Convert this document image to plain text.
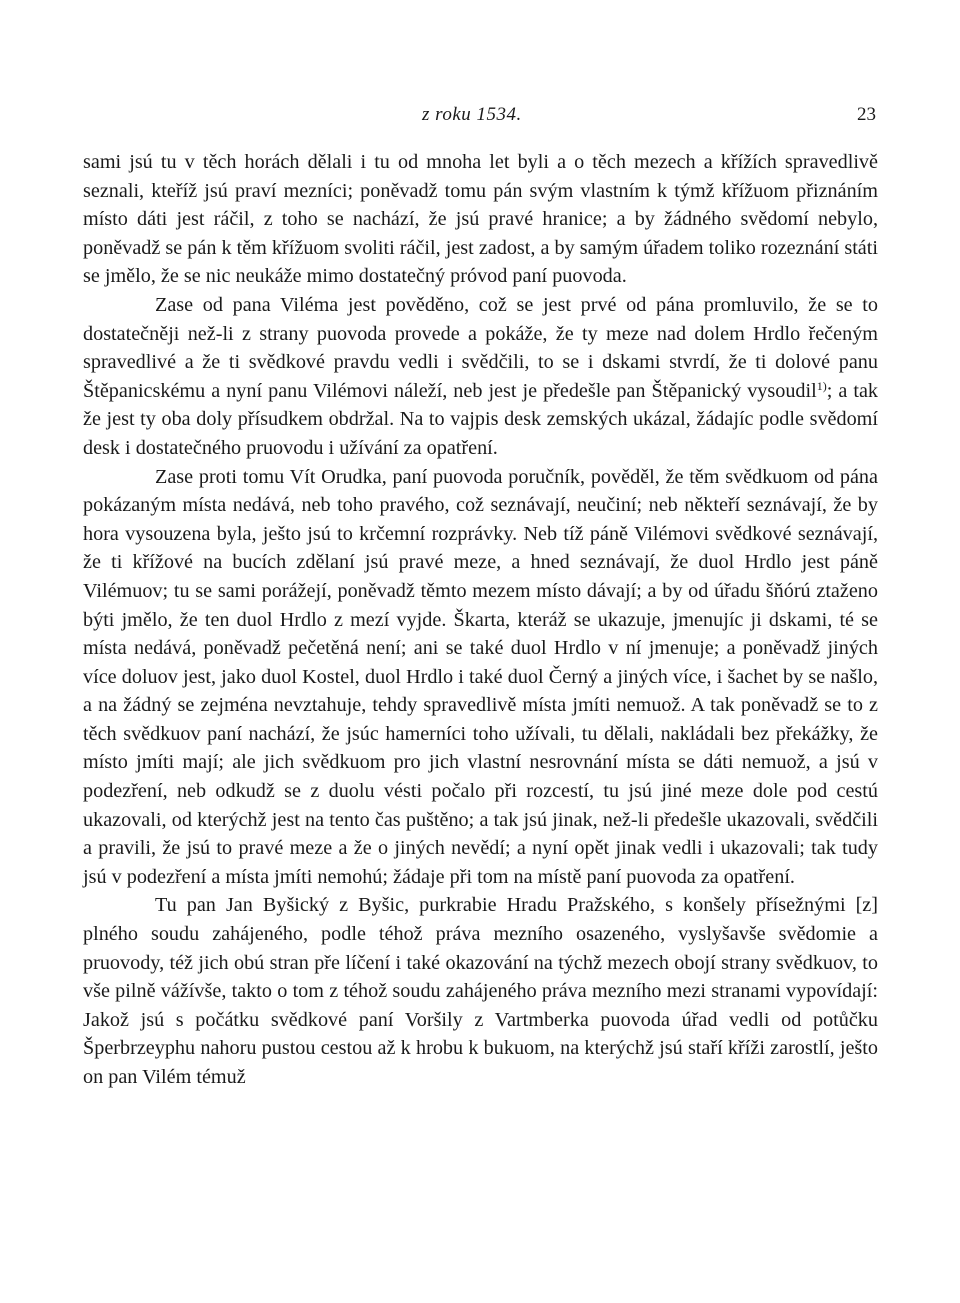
z roku 1534.	23

sami jsú tu v těch horách dělali i tu od mnoha let byli a o těch mezech a křížích spravedlivě seznali, kteříž jsú praví mezníci; poněvadž tomu pán svým vlastním k týmž křížuom přiznáním místo dáti jest ráčil, z toho se nachází, že jsú pravé hranice; a by žádného svědomí nebylo, poněvadž se pán k těm křížuom svoliti ráčil, jest zadost, a by samým úřadem toliko rozeznání státi se jmělo, že se nic neukáže mimo dostatečný próvod paní puovoda.

Zase od pana Viléma jest pověděno, což se jest prvé od pána promluvilo, že se to dostatečněji než-li z strany puovoda provede a pokáže, že ty meze nad dolem Hrdlo řečeným spravedlivé a že ti svědkové pravdu vedli i svědčili, to se i dskami stvrdí, že ti dolové panu Štěpanicskému a nyní panu Vilémovi náleží, neb jest je předešle pan Štěpanický vysoudil$^{1)}$; a tak že jest ty oba doly přísudkem obdržal. Na to vajpis desk zemských ukázal, žádajíc podle svědomí desk i dostatečného pruovodu i užívání za opatření.

Zase proti tomu Vít Orudka, paní puovoda poručník, pověděl, že těm svědkuom od pána pokázaným místa nedává, neb toho pravého, což seznávají, neučiní; neb někteří seznávají, že by hora vysouzena byla, ješto jsú to krčemní rozprávky. Neb tíž páně Vilémovi svědkové seznávají, že ti křížové na bucích zdělaní jsú pravé meze, a hned seznávají, že duol Hrdlo jest páně Vilémuov; tu se sami porážejí, poněvadž těmto mezem místo dávají; a by od úřadu šňórú ztaženo býti jmělo, že ten duol Hrdlo z mezí vyjde. Škarta, kteráž se ukazuje, jmenujíc ji dskami, té se místa nedává, poněvadž pečetěná není; ani se také duol Hrdlo v ní jmenuje; a poněvadž jiných více doluov jest, jako duol Kostel, duol Hrdlo i také duol Černý a jiných více, i šachet by se našlo, a na žádný se zejména nevztahuje, tehdy spravedlivě místa jmíti nemuož. A tak poněvadž se to z těch svědkuov paní nachází, že jsúc hamerníci toho užívali, tu dělali, nakládali bez překážky, že místo jmíti mají; ale jich svědkuom pro jich vlastní nesrovnání místa se dáti nemuož, a jsú v podezření, neb odkudž se z duolu vésti počalo při rozcestí, tu jsú jiné meze dole pod cestú ukazovali, od kterýchž jest na tento čas puštěno; a tak jsú jinak, než-li předešle ukazovali, svědčili a pravili, že jsú to pravé meze a že o jiných nevědí; a nyní opět jinak vedli i ukazovali; tak tudy jsú v podezření a místa jmíti nemohú; žádaje při tom na místě paní puovoda za opatření.

Tu pan Jan Byšický z Byšic, purkrabie Hradu Pražského, s konšely přísežnými [z] plného soudu zahájeného, podle téhož práva mezního osazeného, vyslyšavše svědomie a pruovody, též jich obú stran pře líčení i také okazování na týchž mezech obojí strany svědkuov, to vše pilně vážívše, takto o tom z téhož soudu zahájeného práva mezního mezi stranami vypovídají: Jakož jsú s počátku svědkové paní Voršily z Vartmberka puovoda úřad vedli od potůčku Šperbrzeyphu nahoru pustou cestou až k hrobu k bukuom, na kterýchž jsú staří kříži zarostlí, ješto on pan Vilém témuž
